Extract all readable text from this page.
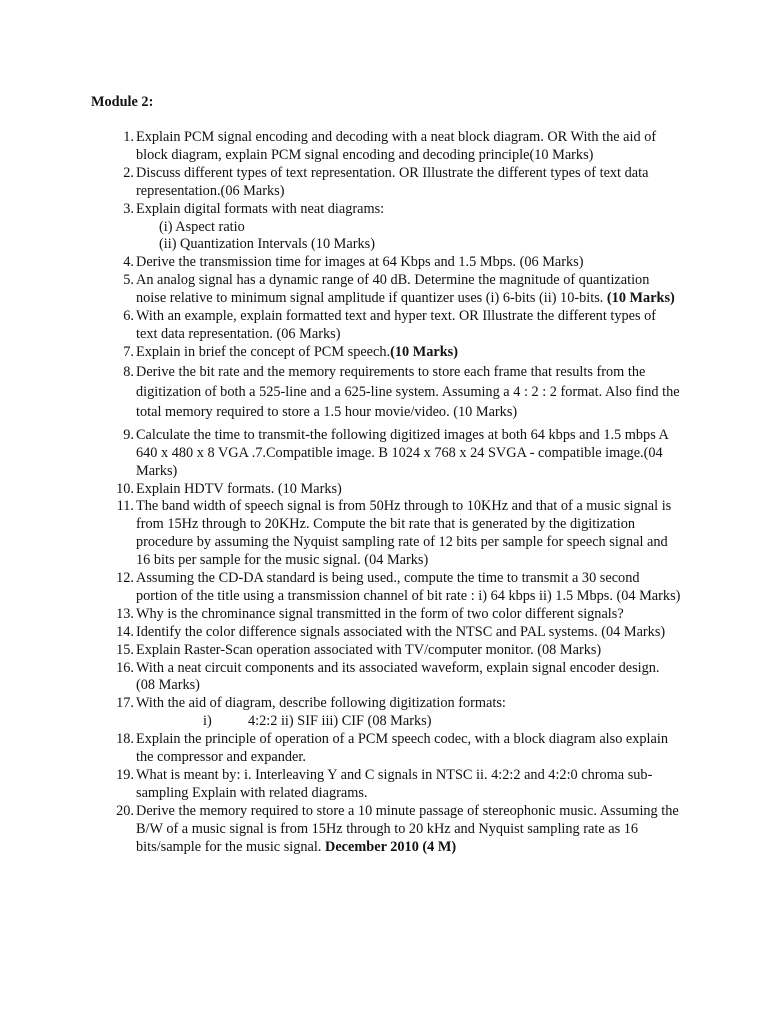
Module 2:

1. Explain PCM signal encoding and decoding with a neat block diagram. OR With the aid of block diagram, explain PCM signal encoding and decoding principle(10 Marks)
2. Discuss different types of text representation. OR Illustrate the different types of text data representation.(06 Marks)
3. Explain digital formats with neat diagrams:
(i) Aspect ratio
(ii) Quantization Intervals (10 Marks)
4. Derive the transmission time for images at 64 Kbps and 1.5 Mbps. (06 Marks)
5. An analog signal has a dynamic range of 40 dB. Determine the magnitude of quantization noise relative to minimum signal amplitude if quantizer uses (i) 6-bits (ii) 10-bits. (10 Marks)
6. With an example, explain formatted text and hyper text. OR Illustrate the different types of text data representation. (06 Marks)
7. Explain in brief the concept of PCM speech.(10 Marks)
8. Derive the bit rate and the memory requirements to store each frame that results from the digitization of both a 525-line and a 625-line system. Assuming a 4 : 2 : 2 format. Also find the total memory required to store a 1.5 hour movie/video. (10 Marks)
9. Calculate the time to transmit-the following digitized images at both 64 kbps and 1.5 mbps A 640 x 480 x 8 VGA .7.Compatible image. B 1024 x 768 x 24 SVGA - compatible image.(04 Marks)
10. Explain HDTV formats. (10 Marks)
11. The band width of speech signal is from 50Hz through to 10KHz and that of a music signal is from 15Hz through to 20KHz. Compute the bit rate that is generated by the digitization procedure by assuming the Nyquist sampling rate of 12 bits per sample for speech signal and 16 bits per sample for the music signal. (04 Marks)
12. Assuming the CD-DA standard is being used., compute the time to transmit a 30 second portion of the title using a transmission channel of bit rate : i) 64 kbps ii) 1.5 Mbps. (04 Marks)
13. Why is the chrominance signal transmitted in the form of two color different signals?
14. Identify the color difference signals associated with the NTSC and PAL systems. (04 Marks)
15. Explain Raster-Scan operation associated with TV/computer monitor. (08 Marks)
16. With a neat circuit components and its associated waveform, explain signal encoder design. (08 Marks)
17. With the aid of diagram, describe following digitization formats:
i)	4:2:2 ii) SIF iii) CIF (08 Marks)
18. Explain the principle of operation of a PCM speech codec, with a block diagram also explain the compressor and expander.
19. What is meant by: i. Interleaving Y and C signals in NTSC ii. 4:2:2 and 4:2:0 chroma sub-sampling Explain with related diagrams.
20. Derive the memory required to store a 10 minute passage of stereophonic music. Assuming the B/W of a music signal is from 15Hz through to 20 kHz and Nyquist sampling rate as 16 bits/sample for the music signal. December 2010 (4 M)
